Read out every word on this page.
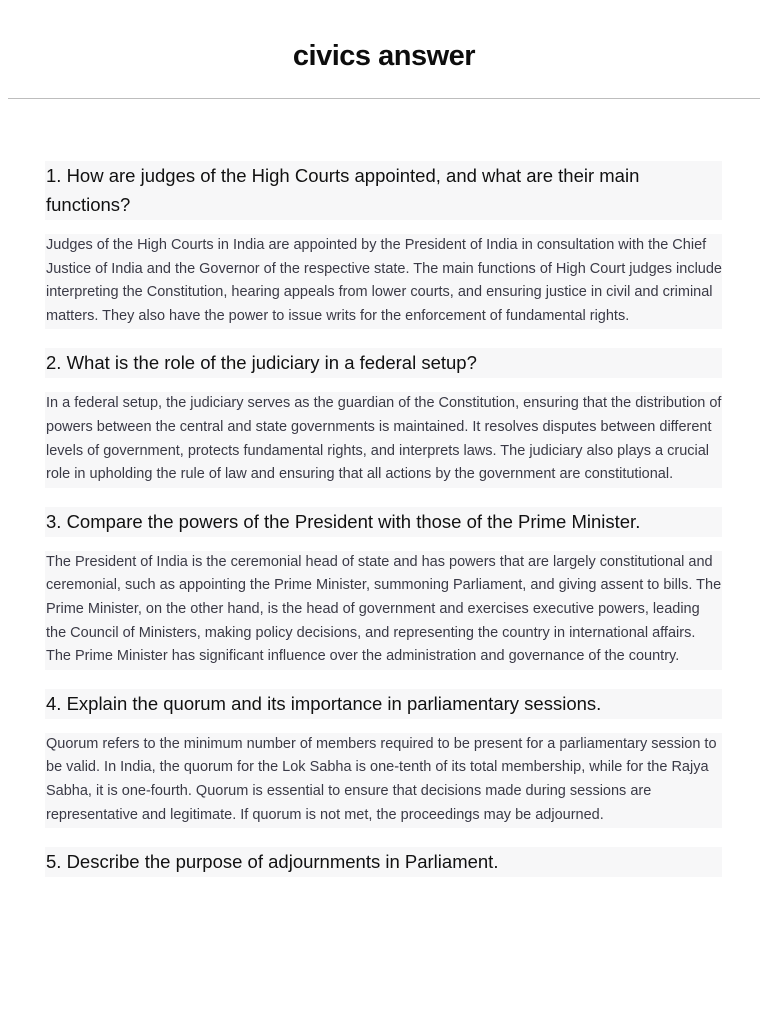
civics answer
1. How are judges of the High Courts appointed, and what are their main functions?
Judges of the High Courts in India are appointed by the President of India in consultation with the Chief Justice of India and the Governor of the respective state. The main functions of High Court judges include interpreting the Constitution, hearing appeals from lower courts, and ensuring justice in civil and criminal matters. They also have the power to issue writs for the enforcement of fundamental rights.
2. What is the role of the judiciary in a federal setup?
In a federal setup, the judiciary serves as the guardian of the Constitution, ensuring that the distribution of powers between the central and state governments is maintained. It resolves disputes between different levels of government, protects fundamental rights, and interprets laws. The judiciary also plays a crucial role in upholding the rule of law and ensuring that all actions by the government are constitutional.
3. Compare the powers of the President with those of the Prime Minister.
The President of India is the ceremonial head of state and has powers that are largely constitutional and ceremonial, such as appointing the Prime Minister, summoning Parliament, and giving assent to bills. The Prime Minister, on the other hand, is the head of government and exercises executive powers, leading the Council of Ministers, making policy decisions, and representing the country in international affairs. The Prime Minister has significant influence over the administration and governance of the country.
4. Explain the quorum and its importance in parliamentary sessions.
Quorum refers to the minimum number of members required to be present for a parliamentary session to be valid. In India, the quorum for the Lok Sabha is one-tenth of its total membership, while for the Rajya Sabha, it is one-fourth. Quorum is essential to ensure that decisions made during sessions are representative and legitimate. If quorum is not met, the proceedings may be adjourned.
5. Describe the purpose of adjournments in Parliament.
